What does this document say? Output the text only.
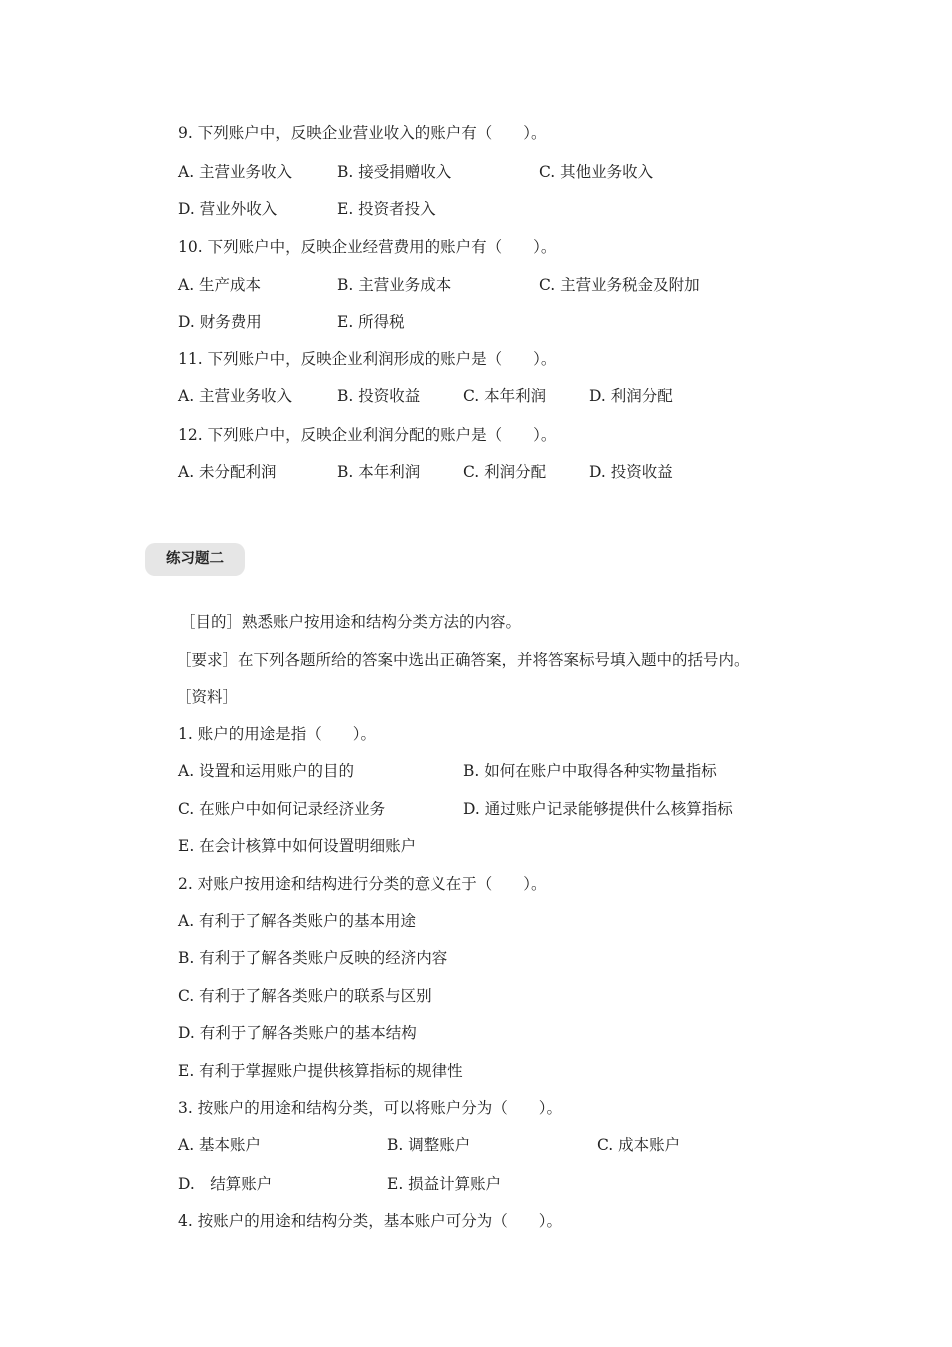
9. 下列账户中，反映企业营业收入的账户有（　　）。
A. 主营业务收入	B. 接受捐赠收入	C. 其他业务收入
D. 营业外收入	E. 投资者投入
10. 下列账户中，反映企业经营费用的账户有（　　）。
A. 生产成本	B. 主营业务成本	C. 主营业务税金及附加
D. 财务费用	E. 所得税
11. 下列账户中，反映企业利润形成的账户是（　　）。
A. 主营业务收入	B. 投资收益	C. 本年利润	D. 利润分配
12. 下列账户中，反映企业利润分配的账户是（　　）。
A. 未分配利润	B. 本年利润	C. 利润分配	D. 投资收益
练习题二
［目的］熟悉账户按用途和结构分类方法的内容。
［要求］在下列各题所给的答案中选出正确答案，并将答案标号填入题中的括号内。
［资料］
1. 账户的用途是指（　　）。
A. 设置和运用账户的目的	B. 如何在账户中取得各种实物量指标
C. 在账户中如何记录经济业务	D. 通过账户记录能够提供什么核算指标
E. 在会计核算中如何设置明细账户
2. 对账户按用途和结构进行分类的意义在于（　　）。
A. 有利于了解各类账户的基本用途
B. 有利于了解各类账户反映的经济内容
C. 有利于了解各类账户的联系与区别
D. 有利于了解各类账户的基本结构
E. 有利于掌握账户提供核算指标的规律性
3. 按账户的用途和结构分类，可以将账户分为（　　）。
A. 基本账户	B. 调整账户	C. 成本账户
D.　结算账户	E. 损益计算账户
4. 按账户的用途和结构分类，基本账户可分为（　　）。
